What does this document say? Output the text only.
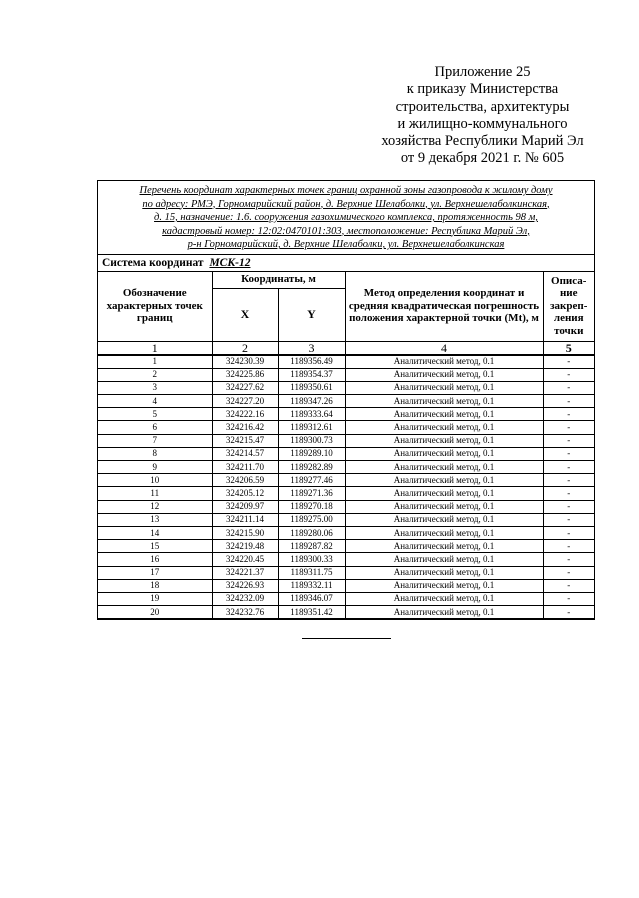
Приложение 25
к приказу Министерства
строительства, архитектуры
и жилищно-коммунального
хозяйства Республики Марий Эл
от 9 декабря 2021 г. № 605
Перечень координат характерных точек границ охранной зоны газопровода к жилому дому
по адресу: РМЭ, Горномарийский район, д. Верхние Шелаболки, ул. Верхнешелаболкинская,
д. 15, назначение: 1.6. сооружения газохимического комплекса, протяженность 98 м,
кадастровый номер: 12:02:0470101:303, местоположение: Республика Марий Эл,
р-н Горномарийский, д. Верхние Шелаболки, ул. Верхнешелаболкинская
Система координат МСК-12
Обозначение характерных точек границ	Координаты, м		Метод определения координат и средняя квадратическая погрешность положения характерной точки (Mt), м	Описа-ние закреп-ления точки
	X	Y		
1	2	3	4	5
1	324230.39	1189356.49	Аналитический метод, 0.1	-
2	324225.86	1189354.37	Аналитический метод, 0.1	-
3	324227.62	1189350.61	Аналитический метод, 0.1	-
4	324227.20	1189347.26	Аналитический метод, 0.1	-
5	324222.16	1189333.64	Аналитический метод, 0.1	-
6	324216.42	1189312.61	Аналитический метод, 0.1	-
7	324215.47	1189300.73	Аналитический метод, 0.1	-
8	324214.57	1189289.10	Аналитический метод, 0.1	-
9	324211.70	1189282.89	Аналитический метод, 0.1	-
10	324206.59	1189277.46	Аналитический метод, 0.1	-
11	324205.12	1189271.36	Аналитический метод, 0.1	-
12	324209.97	1189270.18	Аналитический метод, 0.1	-
13	324211.14	1189275.00	Аналитический метод, 0.1	-
14	324215.90	1189280.06	Аналитический метод, 0.1	-
15	324219.48	1189287.82	Аналитический метод, 0.1	-
16	324220.45	1189300.33	Аналитический метод, 0.1	-
17	324221.37	1189311.75	Аналитический метод, 0.1	-
18	324226.93	1189332.11	Аналитический метод, 0.1	-
19	324232.09	1189346.07	Аналитический метод, 0.1	-
20	324232.76	1189351.42	Аналитический метод, 0.1	-
